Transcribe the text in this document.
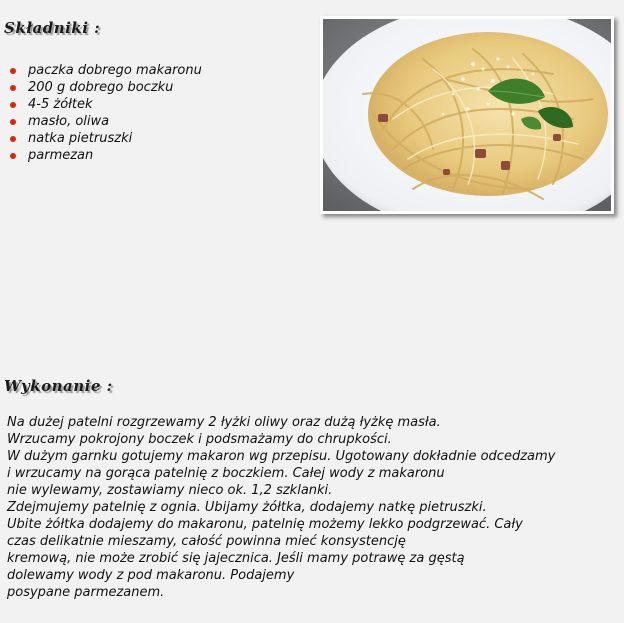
Składniki :
paczka dobrego makaronu
200 g dobrego boczku
4-5 żółtek
masło, oliwa
natka pietruszki
parmezan
Wykonanie :

Na dużej patelni rozgrzewamy 2 łyżki oliwy oraz dużą łyżkę masła.

Wrzucamy pokrojony boczek i podsmażamy do chrupkości.

W dużym garnku gotujemy makaron wg przepisu. Ugotowany dokładnie odcedzamy

i wrzucamy na gorąca patelnię z boczkiem. Całej wody z makaronu

nie wylewamy, zostawiamy nieco ok. 1,2 szklanki.

Zdejmujemy patelnię z ognia. Ubijamy żółtka, dodajemy natkę pietruszki.

Ubite żółtka dodajemy do makaronu, patelnię możemy lekko podgrzewać. Cały

czas delikatnie mieszamy, całość powinna mieć konsystencję

kremową, nie może zrobić się jajecznica. Jeśli mamy potrawę za gęstą

dolewamy wody z pod makaronu. Podajemy

posypane parmezanem.
